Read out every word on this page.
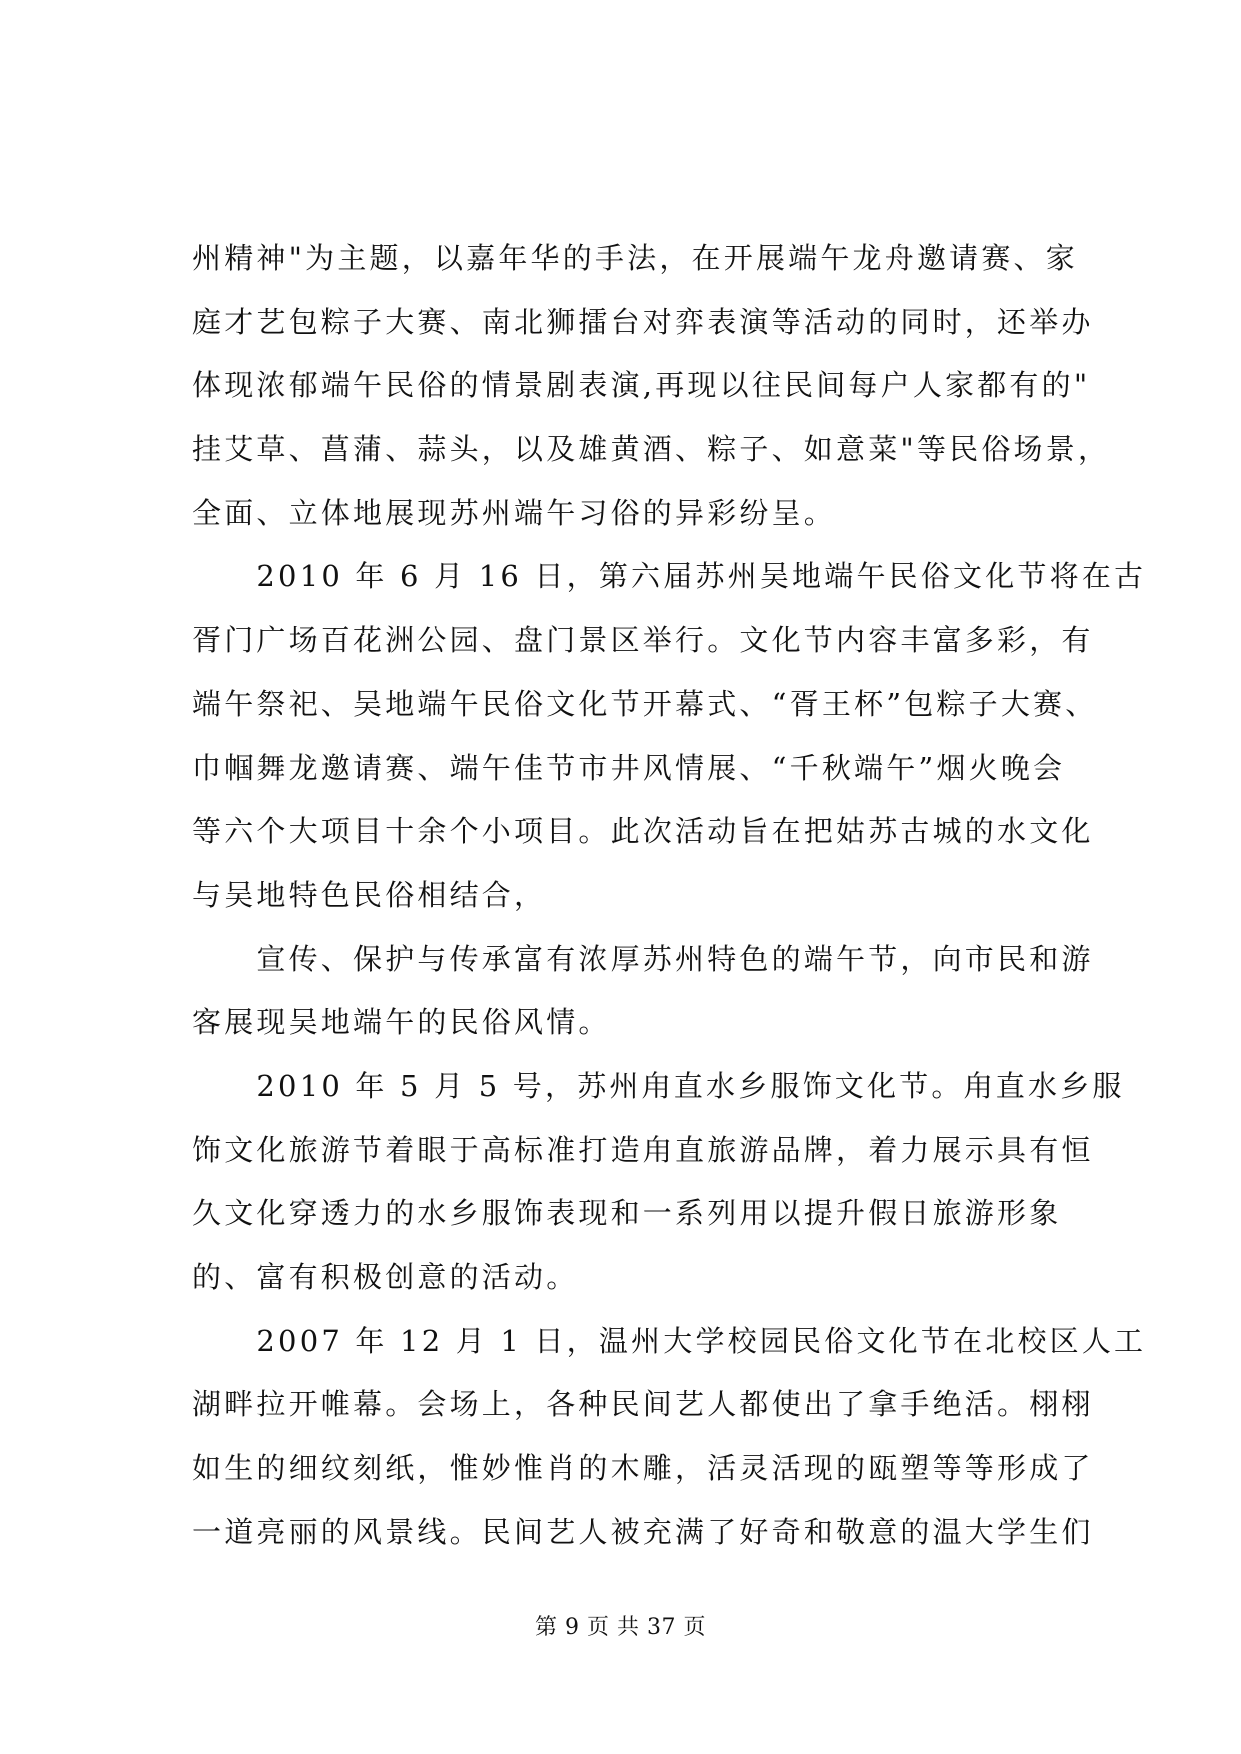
州精神"为主题，以嘉年华的手法，在开展端午龙舟邀请赛、家
庭才艺包粽子大赛、南北狮擂台对弈表演等活动的同时，还举办
体现浓郁端午民俗的情景剧表演,再现以往民间每户人家都有的"
挂艾草、菖蒲、蒜头，以及雄黄酒、粽子、如意菜"等民俗场景，
全面、立体地展现苏州端午习俗的异彩纷呈。
　　2010 年 6 月 16 日，第六届苏州吴地端午民俗文化节将在古
胥门广场百花洲公园、盘门景区举行。文化节内容丰富多彩，有
端午祭祀、吴地端午民俗文化节开幕式、“胥王杯”包粽子大赛、
巾帼舞龙邀请赛、端午佳节市井风情展、“千秋端午”烟火晚会
等六个大项目十余个小项目。此次活动旨在把姑苏古城的水文化
与吴地特色民俗相结合，
　　宣传、保护与传承富有浓厚苏州特色的端午节，向市民和游
客展现吴地端午的民俗风情。
　　2010 年 5 月 5 号，苏州甪直水乡服饰文化节。甪直水乡服
饰文化旅游节着眼于高标准打造甪直旅游品牌，着力展示具有恒
久文化穿透力的水乡服饰表现和一系列用以提升假日旅游形象
的、富有积极创意的活动。
　　2007 年 12 月 1 日，温州大学校园民俗文化节在北校区人工
湖畔拉开帷幕。会场上，各种民间艺人都使出了拿手绝活。栩栩
如生的细纹刻纸，惟妙惟肖的木雕，活灵活现的瓯塑等等形成了
一道亮丽的风景线。民间艺人被充满了好奇和敬意的温大学生们
第 9 页 共 37 页
